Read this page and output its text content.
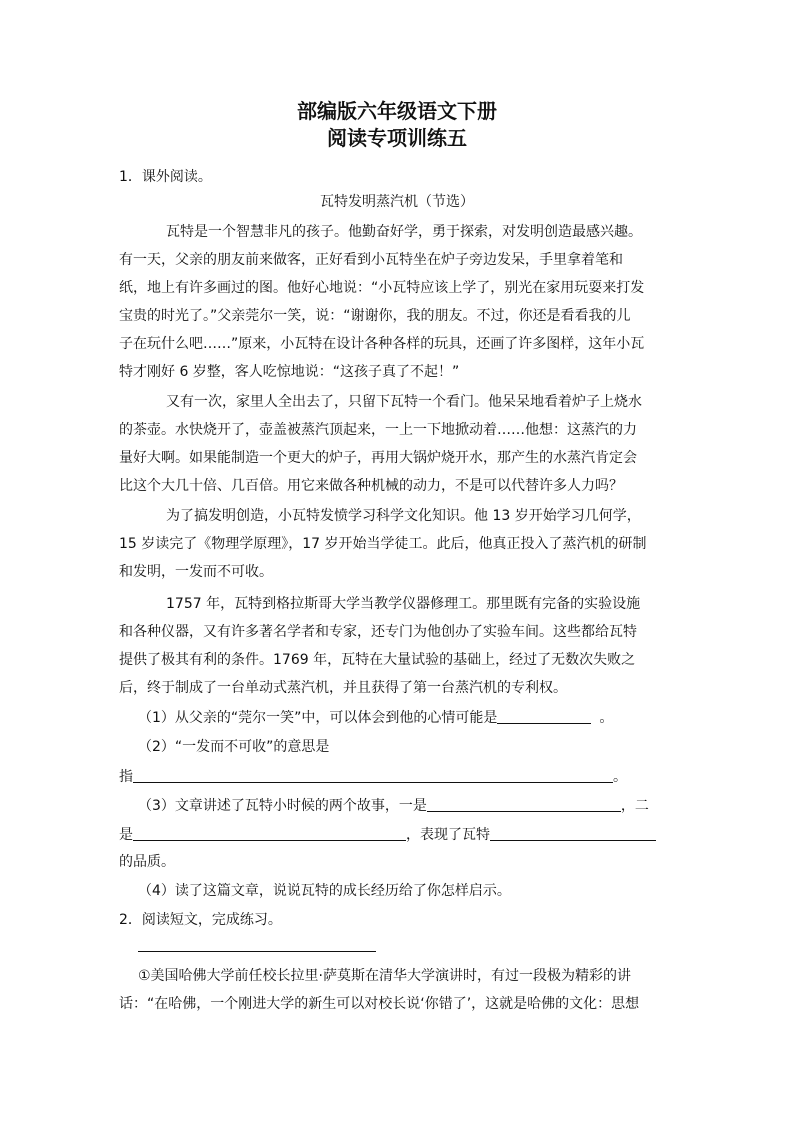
部编版六年级语文下册
阅读专项训练五
1．课外阅读。
瓦特发明蒸汽机（节选）
瓦特是一个智慧非凡的孩子。他勤奋好学，勇于探索，对发明创造最感兴趣。
有一天，父亲的朋友前来做客，正好看到小瓦特坐在炉子旁边发呆，手里拿着笔和
纸，地上有许多画过的图。他好心地说：“小瓦特应该上学了，别光在家用玩耍来打发
宝贵的时光了。”父亲莞尔一笑，说：“谢谢你，我的朋友。不过，你还是看看我的儿
子在玩什么吧……”原来，小瓦特在设计各种各样的玩具，还画了许多图样，这年小瓦
特才刚好 6 岁整，客人吃惊地说：“这孩子真了不起！”
又有一次，家里人全出去了，只留下瓦特一个看门。他呆呆地看着炉子上烧水
的茶壶。水快烧开了，壶盖被蒸汽顶起来，一上一下地掀动着……他想：这蒸汽的力
量好大啊。如果能制造一个更大的炉子，再用大锅炉烧开水，那产生的水蒸汽肯定会
比这个大几十倍、几百倍。用它来做各种机械的动力，不是可以代替许多人力吗？
为了搞发明创造，小瓦特发愤学习科学文化知识。他 13 岁开始学习几何学，
15 岁读完了《物理学原理》，17 岁开始当学徒工。此后，他真正投入了蒸汽机的研制
和发明，一发而不可收。
1757 年，瓦特到格拉斯哥大学当教学仪器修理工。那里既有完备的实验设施
和各种仪器，又有许多著名学者和专家，还专门为他创办了实验车间。这些都给瓦特
提供了极其有利的条件。1769 年，瓦特在大量试验的基础上，经过了无数次失败之
后，终于制成了一台单动式蒸汽机，并且获得了第一台蒸汽机的专利权。
（1）从父亲的“莞尔一笑”中，可以体会到他的心情可能是	。
（2）“一发而不可收”的意思是
指	。
（3）文章讲述了瓦特小时候的两个故事，一是	，二
是	，表现了瓦特
的品质。
（4）读了这篇文章，说说瓦特的成长经历给了你怎样启示。
2．阅读短文，完成练习。
①美国哈佛大学前任校长拉里·萨莫斯在清华大学演讲时，有过一段极为精彩的讲
话：“在哈佛，一个刚进大学的新生可以对校长说‘你错了’，这就是哈佛的文化：思想
